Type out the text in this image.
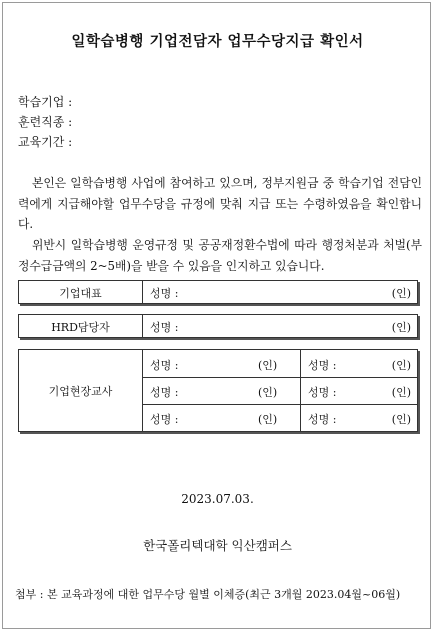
일학습병행 기업전담자 업무수당지급 확인서
학습기업 :
훈련직종 :
교육기간 :
본인은 일학습병행 사업에 참여하고 있으며, 정부지원금 중 학습기업 전담인력에게 지급해야할 업무수당을 규정에 맞춰 지급 또는 수령하였음을 확인합니다.
위반시 일학습병행 운영규정 및 공공재정환수법에 따라 행정처분과 처벌(부정수급금액의 2~5배)을 받을 수 있음을 인지하고 있습니다.
기업대표	성명 :	(인)
HRD담당자	성명 :	(인)
기업현장교사
성명 :	(인)	성명 :	(인)
성명 :	(인)	성명 :	(인)
성명 :	(인)	성명 :	(인)
2023.07.03.
한국폴리텍대학 익산캠퍼스
첨부 : 본 교육과정에 대한 업무수당 월별 이체증(최근 3개월 2023.04월~06월)
